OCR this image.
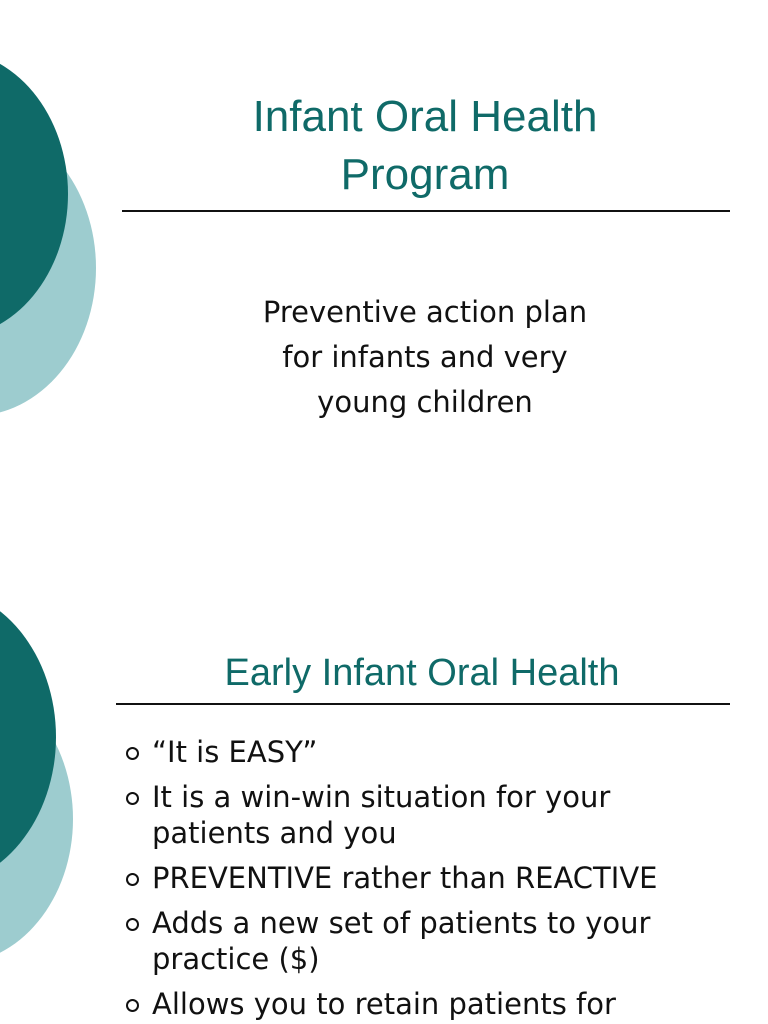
Infant Oral Health
Program
Preventive action plan
for infants and very
young children
Early Infant Oral Health
“It is EASY”
It is a win-win situation for your
patients and you
PREVENTIVE rather than REACTIVE
Adds a new set of patients to your
practice ($)
Allows you to retain patients for
